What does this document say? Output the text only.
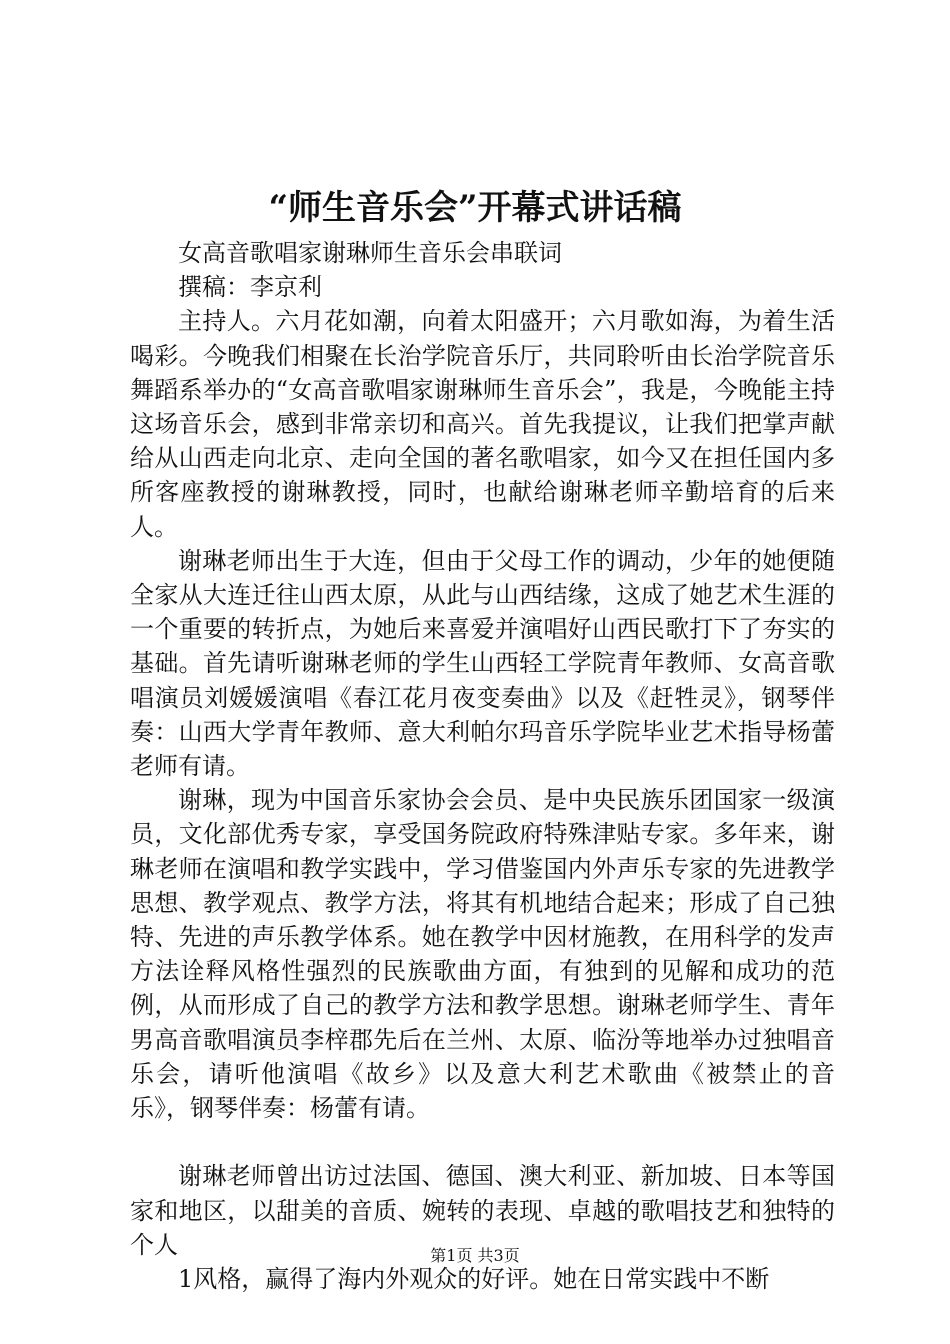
“师生音乐会”开幕式讲话稿

女高音歌唱家谢琳师生音乐会串联词

撰稿：李京利

主持人。六月花如潮，向着太阳盛开；六月歌如海，为着生活喝彩。今晚我们相聚在长治学院音乐厅，共同聆听由长治学院音乐舞蹈系举办的“女高音歌唱家谢琳师生音乐会”，我是，今晚能主持这场音乐会，感到非常亲切和高兴。首先我提议，让我们把掌声献给从山西走向北京、走向全国的著名歌唱家，如今又在担任国内多所客座教授的谢琳教授，同时，也献给谢琳老师辛勤培育的后来人。

谢琳老师出生于大连，但由于父母工作的调动，少年的她便随全家从大连迁往山西太原，从此与山西结缘，这成了她艺术生涯的一个重要的转折点，为她后来喜爱并演唱好山西民歌打下了夯实的基础。首先请听谢琳老师的学生山西轻工学院青年教师、女高音歌唱演员刘媛媛演唱《春江花月夜变奏曲》以及《赶牲灵》，钢琴伴奏：山西大学青年教师、意大利帕尔玛音乐学院毕业艺术指导杨蕾老师有请。

谢琳，现为中国音乐家协会会员、是中央民族乐团国家一级演员，文化部优秀专家，享受国务院政府特殊津贴专家。多年来，谢琳老师在演唱和教学实践中，学习借鉴国内外声乐专家的先进教学思想、教学观点、教学方法，将其有机地结合起来；形成了自己独特、先进的声乐教学体系。她在教学中因材施教，在用科学的发声方法诠释风格性强烈的民族歌曲方面，有独到的见解和成功的范例，从而形成了自己的教学方法和教学思想。谢琳老师学生、青年男高音歌唱演员李梓郡先后在兰州、太原、临汾等地举办过独唱音乐会，请听他演唱《故乡》以及意大利艺术歌曲《被禁止的音乐》，钢琴伴奏：杨蕾有请。

谢琳老师曾出访过法国、德国、澳大利亚、新加坡、日本等国家和地区，以甜美的音质、婉转的表现、卓越的歌唱技艺和独特的个人

1风格，赢得了海内外观众的好评。她在日常实践中不断

第1页 共3页
